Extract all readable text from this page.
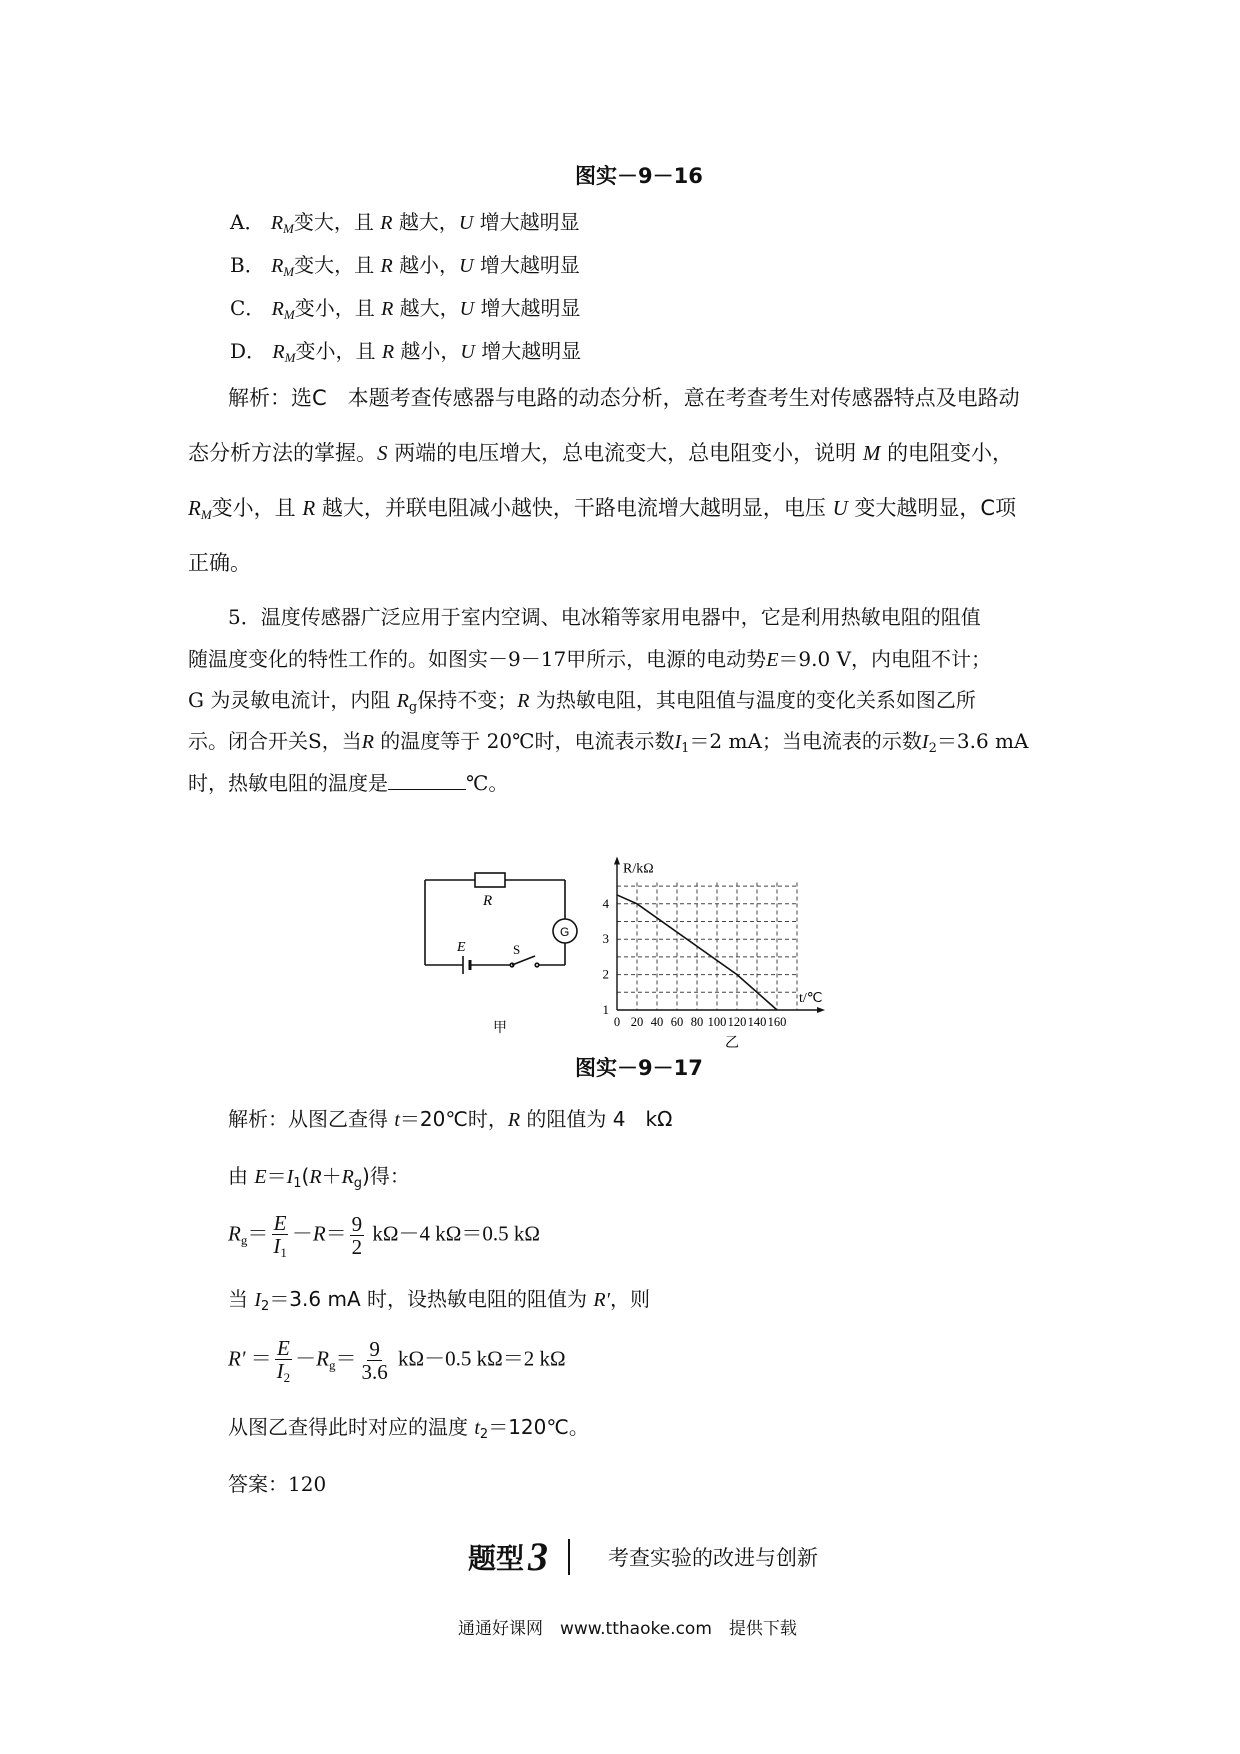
图实－9－16
A． $R_M$变大，且 R 越大，U 增大越明显
B． $R_M$变大，且 R 越小，U 增大越明显
C． $R_M$变小，且 R 越大，U 增大越明显
D． $R_M$变小，且 R 越小，U 增大越明显
解析：选C　本题考查传感器与电路的动态分析，意在考查考生对传感器特点及电路动
态分析方法的掌握。S 两端的电压增大，总电流变大，总电阻变小，说明 M 的电阻变小，
$R_M$变小，且 R 越大，并联电阻减小越快，干路电流增大越明显，电压 U 变大越明显，C项
正确。
5．温度传感器广泛应用于室内空调、电冰箱等家用电器中，它是利用热敏电阻的阻值
随温度变化的特性工作的。如图实－9－17甲所示，电源的电动势E＝9.0 V，内电阻不计；
G 为灵敏电流计，内阻 $R_g$保持不变；R 为热敏电阻，其电阻值与温度的变化关系如图乙所
示。闭合开关S，当R 的温度等于 20℃时，电流表示数$I_1=2$ mA；当电流表的示数$I_2=3.6$ mA
时，热敏电阻的温度是	℃。
R
G
E	S
甲	0 20 40 60 80 100 120 140 160
1
2
3
4
R/kΩ
t/℃
乙
图实－9－17
解析：从图乙查得 t＝20℃时，R 的阻值为 4　kΩ
由 $E=I_1(R+R_g)$得：
$R_g= \frac{E}{I_1} -R= \frac{9}{2} k\Omega-4$ kΩ＝0.5 kΩ
当 $I_2=3.6$ mA 时，设热敏电阻的阻值为 R′，则
$R' = \frac{E}{I_2} -R_g= \frac{9}{3.6} k\Omega-0.5$ kΩ＝2 kΩ
从图乙查得此时对应的温度 $t_2=120℃$。
答案：120
题型 3	考查实验的改进与创新
通通好课网　www.tthaoke.com　提供下载
